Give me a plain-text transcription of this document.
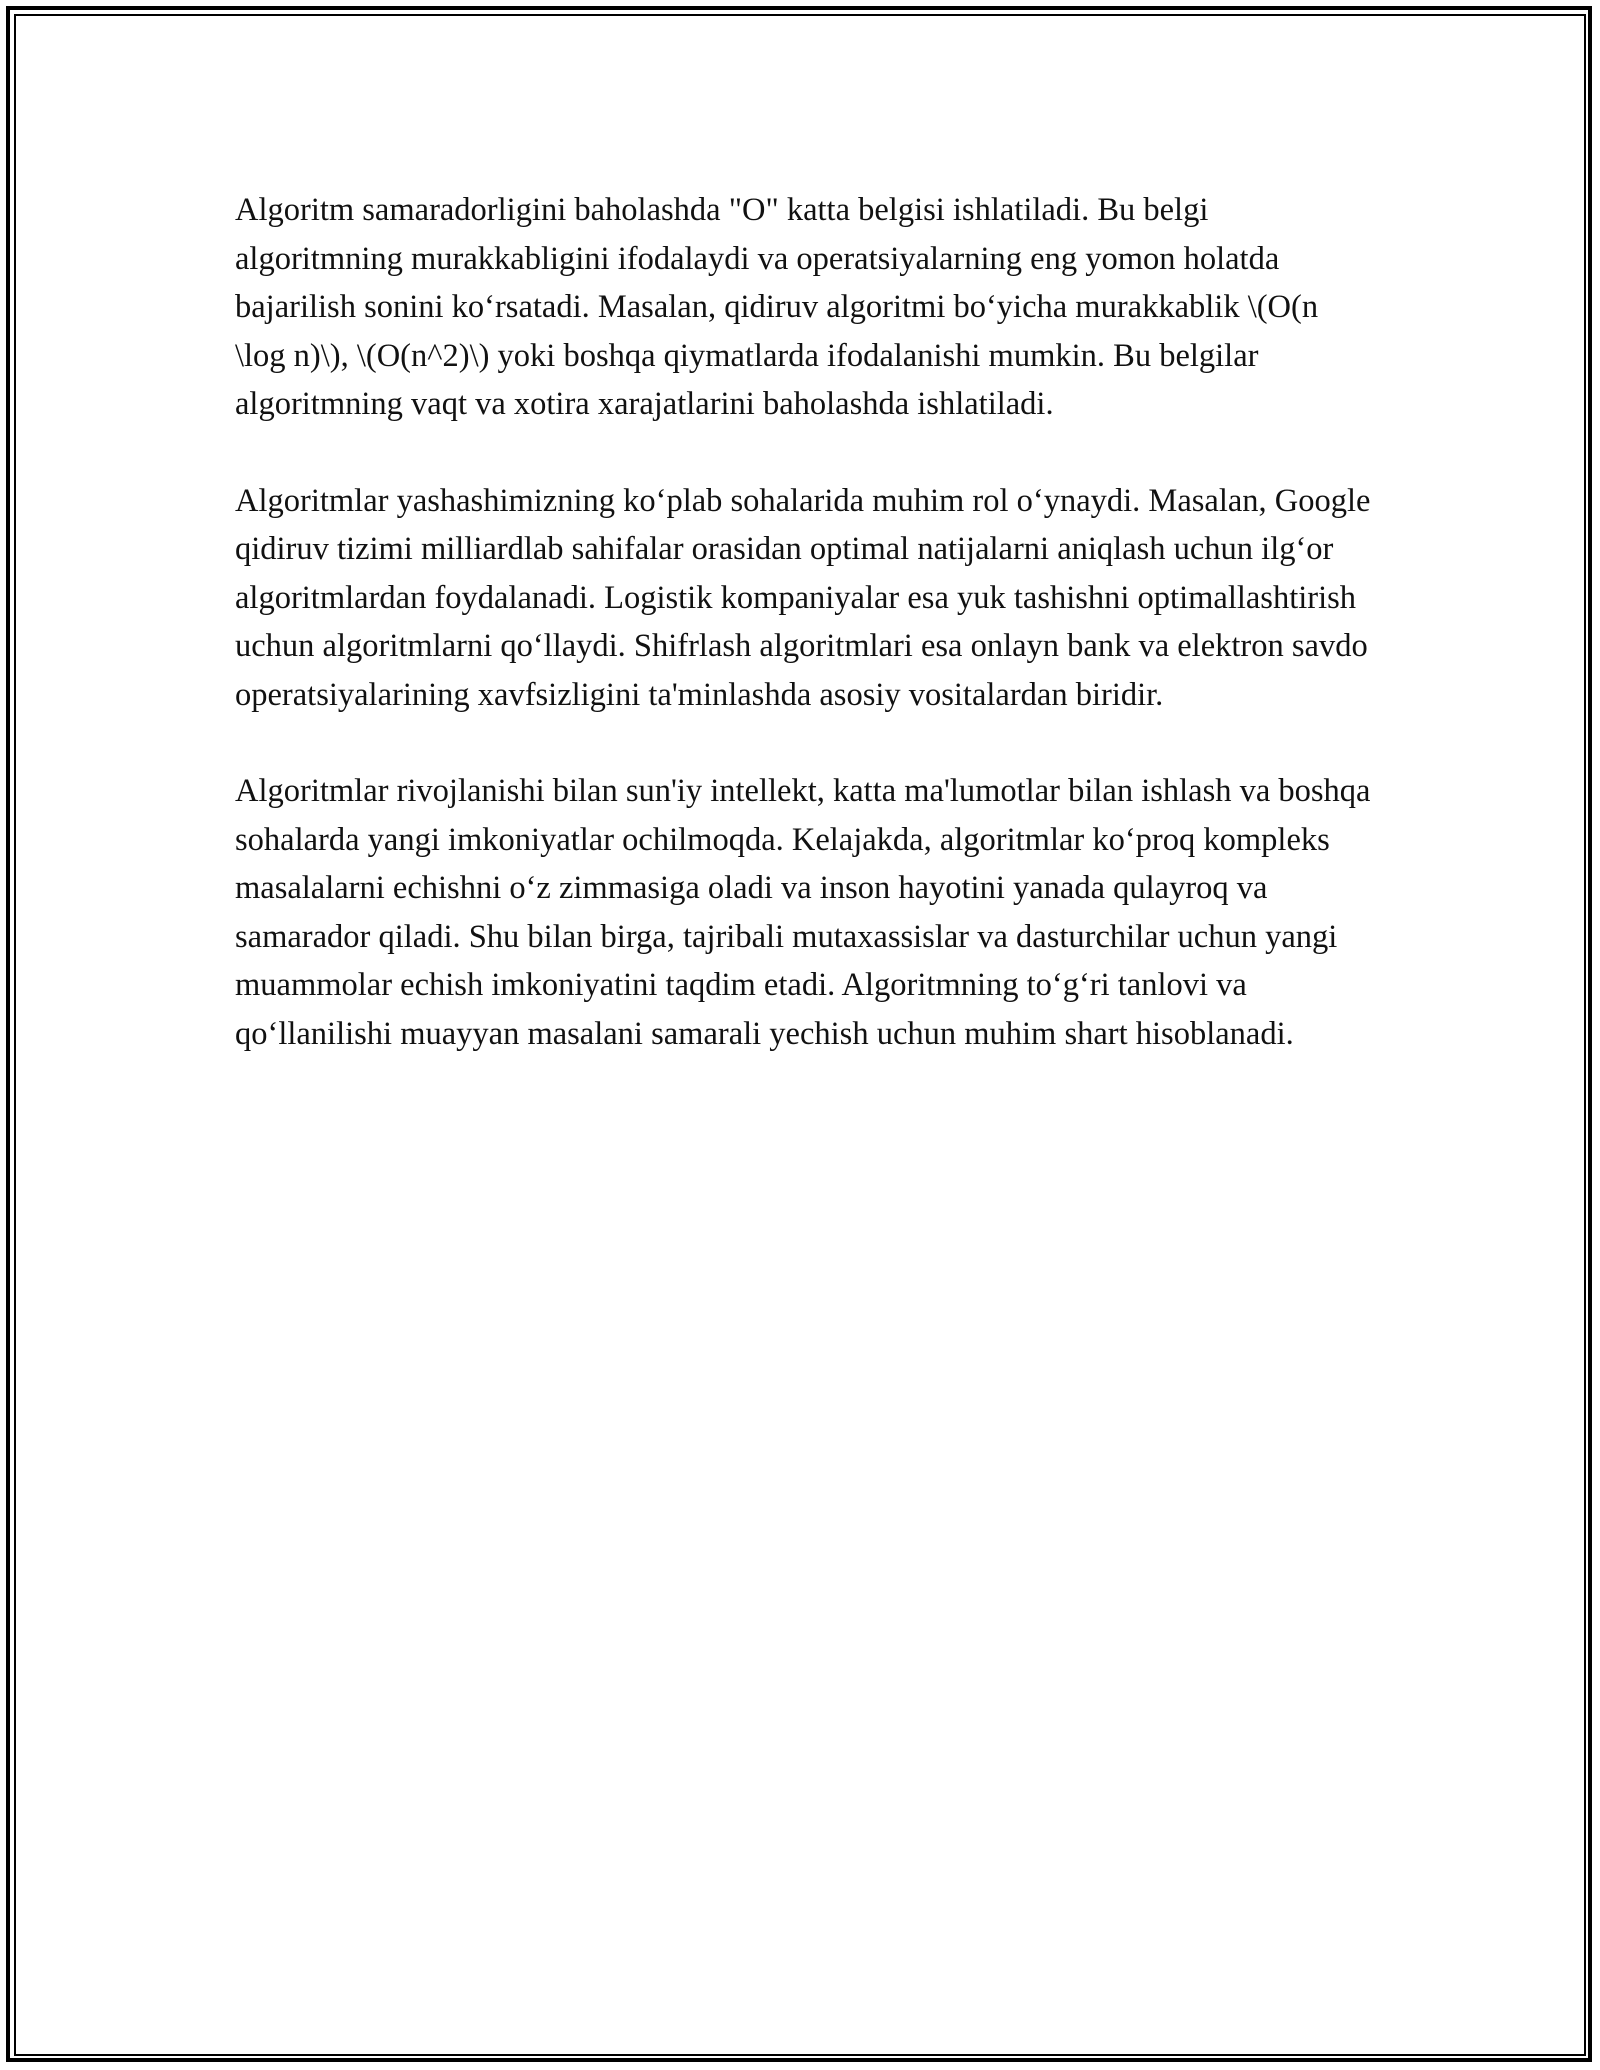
Algoritm samaradorligini baholashda "O" katta belgisi ishlatiladi. Bu belgi algoritmning murakkabligini ifodalaydi va operatsiyalarning eng yomon holatda bajarilish sonini ko‘rsatadi. Masalan, qidiruv algoritmi bo‘yicha murakkablik \(O(n \log n)\), \(O(n^2)\) yoki boshqa qiymatlarda ifodalanishi mumkin. Bu belgilar algoritmning vaqt va xotira xarajatlarini baholashda ishlatiladi.

Algoritmlar yashashimizning ko‘plab sohalarida muhim rol o‘ynaydi. Masalan, Google qidiruv tizimi milliardlab sahifalar orasidan optimal natijalarni aniqlash uchun ilg‘or algoritmlardan foydalanadi. Logistik kompaniyalar esa yuk tashishni optimallashtirish uchun algoritmlarni qo‘llaydi. Shifrlash algoritmlari esa onlayn bank va elektron savdo operatsiyalarining xavfsizligini ta'minlashda asosiy vositalardan biridir.

Algoritmlar rivojlanishi bilan sun'iy intellekt, katta ma'lumotlar bilan ishlash va boshqa sohalarda yangi imkoniyatlar ochilmoqda. Kelajakda, algoritmlar ko‘proq kompleks masalalarni echishni o‘z zimmasiga oladi va inson hayotini yanada qulayroq va samarador qiladi. Shu bilan birga, tajribali mutaxassislar va dasturchilar uchun yangi muammolar echish imkoniyatini taqdim etadi. Algoritmning to‘g‘ri tanlovi va qo‘llanilishi muayyan masalani samarali yechish uchun muhim shart hisoblanadi.
